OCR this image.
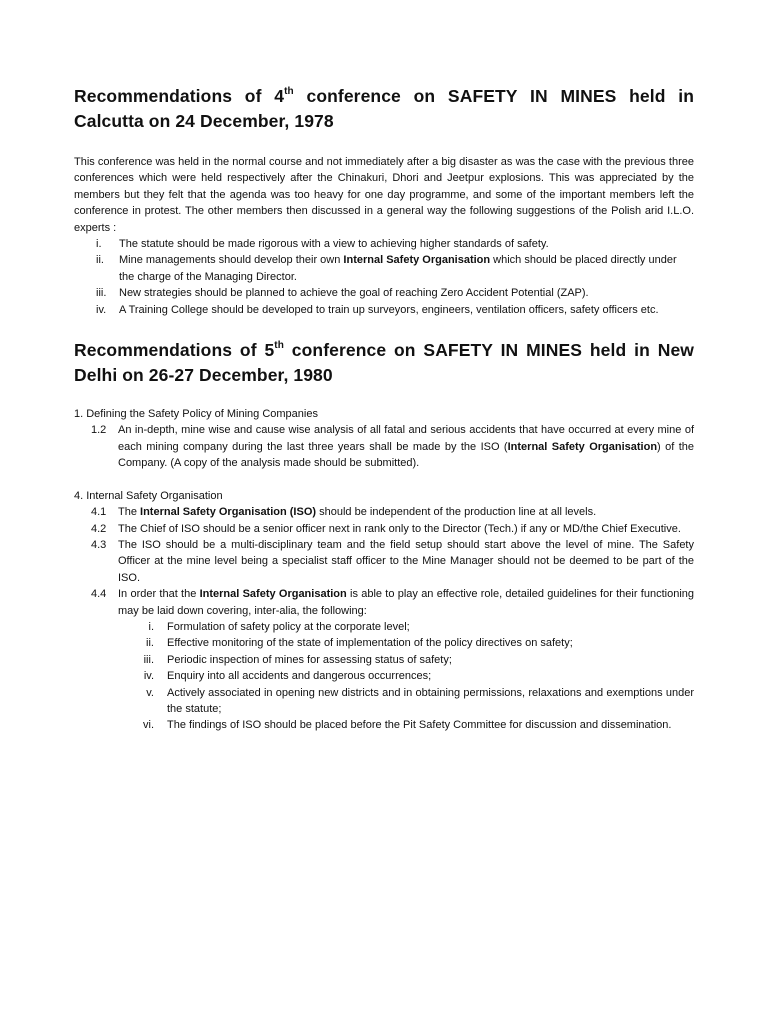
Recommendations of 4th conference on SAFETY IN MINES held in Calcutta on 24 December, 1978

This conference was held in the normal course and not immediately after a big disaster as was the case with the previous three conferences which were held respectively after the Chinakuri, Dhori and Jeetpur explosions. This was appreciated by the members but they felt that the agenda was too heavy for one day programme, and some of the important members left the conference in protest. The other members then discussed in a general way the following suggestions of the Polish arid I.L.O. experts :

i.	The statute should be made rigorous with a view to achieving higher standards of safety.
ii.	Mine managements should develop their own Internal Safety Organisation which should be placed directly under the charge of the Managing Director.
iii.	New strategies should be planned to achieve the goal of reaching Zero Accident Potential (ZAP).
iv.	A Training College should be developed to train up surveyors, engineers, ventilation officers, safety officers etc.
Recommendations of 5th conference on SAFETY IN MINES held in New Delhi on 26-27 December, 1980

1. Defining the Safety Policy of Mining Companies

1.2	An in-depth, mine wise and cause wise analysis of all fatal and serious accidents that have occurred at every mine of each mining company during the last three years shall be made by the ISO (Internal Safety Organisation) of the Company. (A copy of the analysis made should be submitted).

4. Internal Safety Organisation

4.1	The Internal Safety Organisation (ISO) should be independent of the production line at all levels.
4.2	The Chief of ISO should be a senior officer next in rank only to the Director (Tech.) if any or MD/the Chief Executive.
4.3	The ISO should be a multi-disciplinary team and the field setup should start above the level of mine. The Safety Officer at the mine level being a specialist staff officer to the Mine Manager should not be deemed to be part of the ISO.
4.4	In order that the Internal Safety Organisation is able to play an effective role, detailed guidelines for their functioning may be laid down covering, inter-alia, the following:
i.	Formulation of safety policy at the corporate level;
ii.	Effective monitoring of the state of implementation of the policy directives on safety;
iii.	Periodic inspection of mines for assessing status of safety;
iv.	Enquiry into all accidents and dangerous occurrences;
v.	Actively associated in opening new districts and in obtaining permissions, relaxations and exemptions under the statute;
vi.	The findings of ISO should be placed before the Pit Safety Committee for discussion and dissemination.
